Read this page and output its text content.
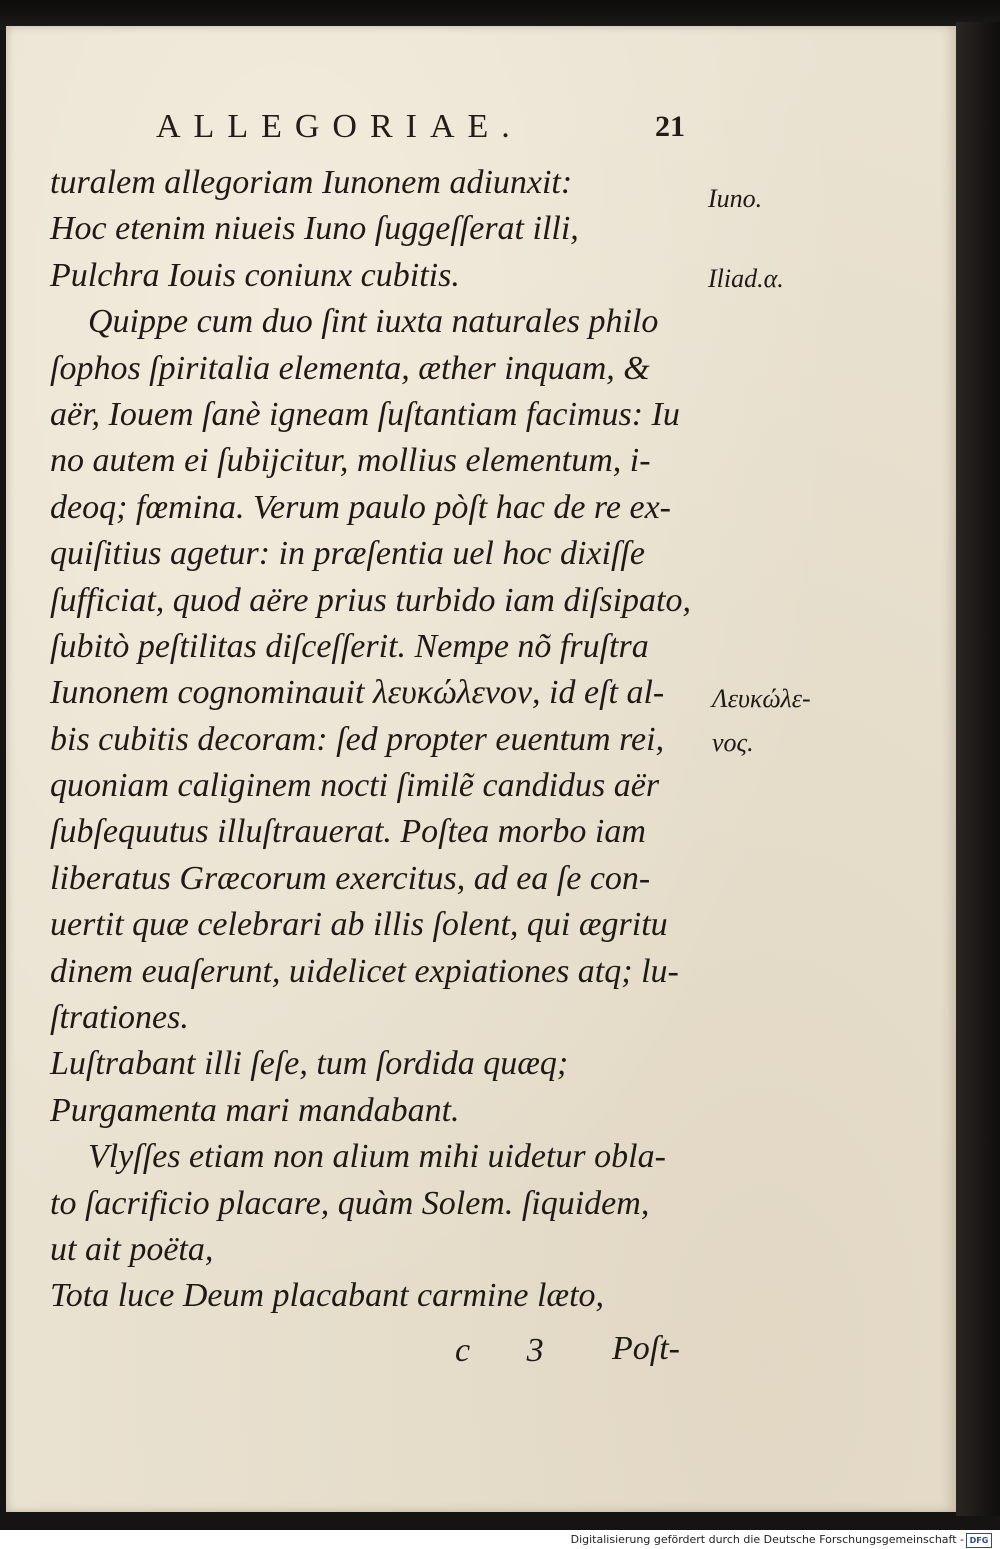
ALLEGORIAE.	21
turalem allegoriam Iunonem adiunxit:
Hoc etenim niueis Iuno ſuggeſſerat illi,
Pulchra Iouis coniunx cubitis.
Quippe cum duo ſint iuxta naturales philo
ſophos ſpiritalia elementa, æther inquam, &
aër, Iouem ſanè igneam ſuſtantiam facimus: Iu
no autem ei ſubijcitur, mollius elementum, i-
deoq; fœmina. Verum paulo pòſt hac de re ex-
quiſitius agetur: in præſentia uel hoc dixiſſe
ſufficiat, quod aëre prius turbido iam diſsipato,
ſubitò peſtilitas diſceſſerit. Nempe nõ fruſtra
Iunonem cognominauit λευκώλενον, id eſt al-
bis cubitis decoram: ſed propter euentum rei,
quoniam caliginem nocti ſimilẽ candidus aër
ſubſequutus illuſtrauerat. Poſtea morbo iam
liberatus Græcorum exercitus, ad ea ſe con-
uertit quæ celebrari ab illis ſolent, qui ægritu
dinem euaſerunt, uidelicet expiationes atq; lu-
ſtrationes.
Luſtrabant illi ſeſe, tum ſordida quæq;
Purgamenta mari mandabant.
Vlyſſes etiam non alium mihi uidetur obla-
to ſacrificio placare, quàm Solem. ſiquidem,
ut ait poëta,
Tota luce Deum placabant carmine læto,
Iuno.
Iliad.α.
Λευκώλε-
νος.
c 3 Poſt-
Digitalisierung gefördert durch die Deutsche Forschungsgemeinschaft - DFG
